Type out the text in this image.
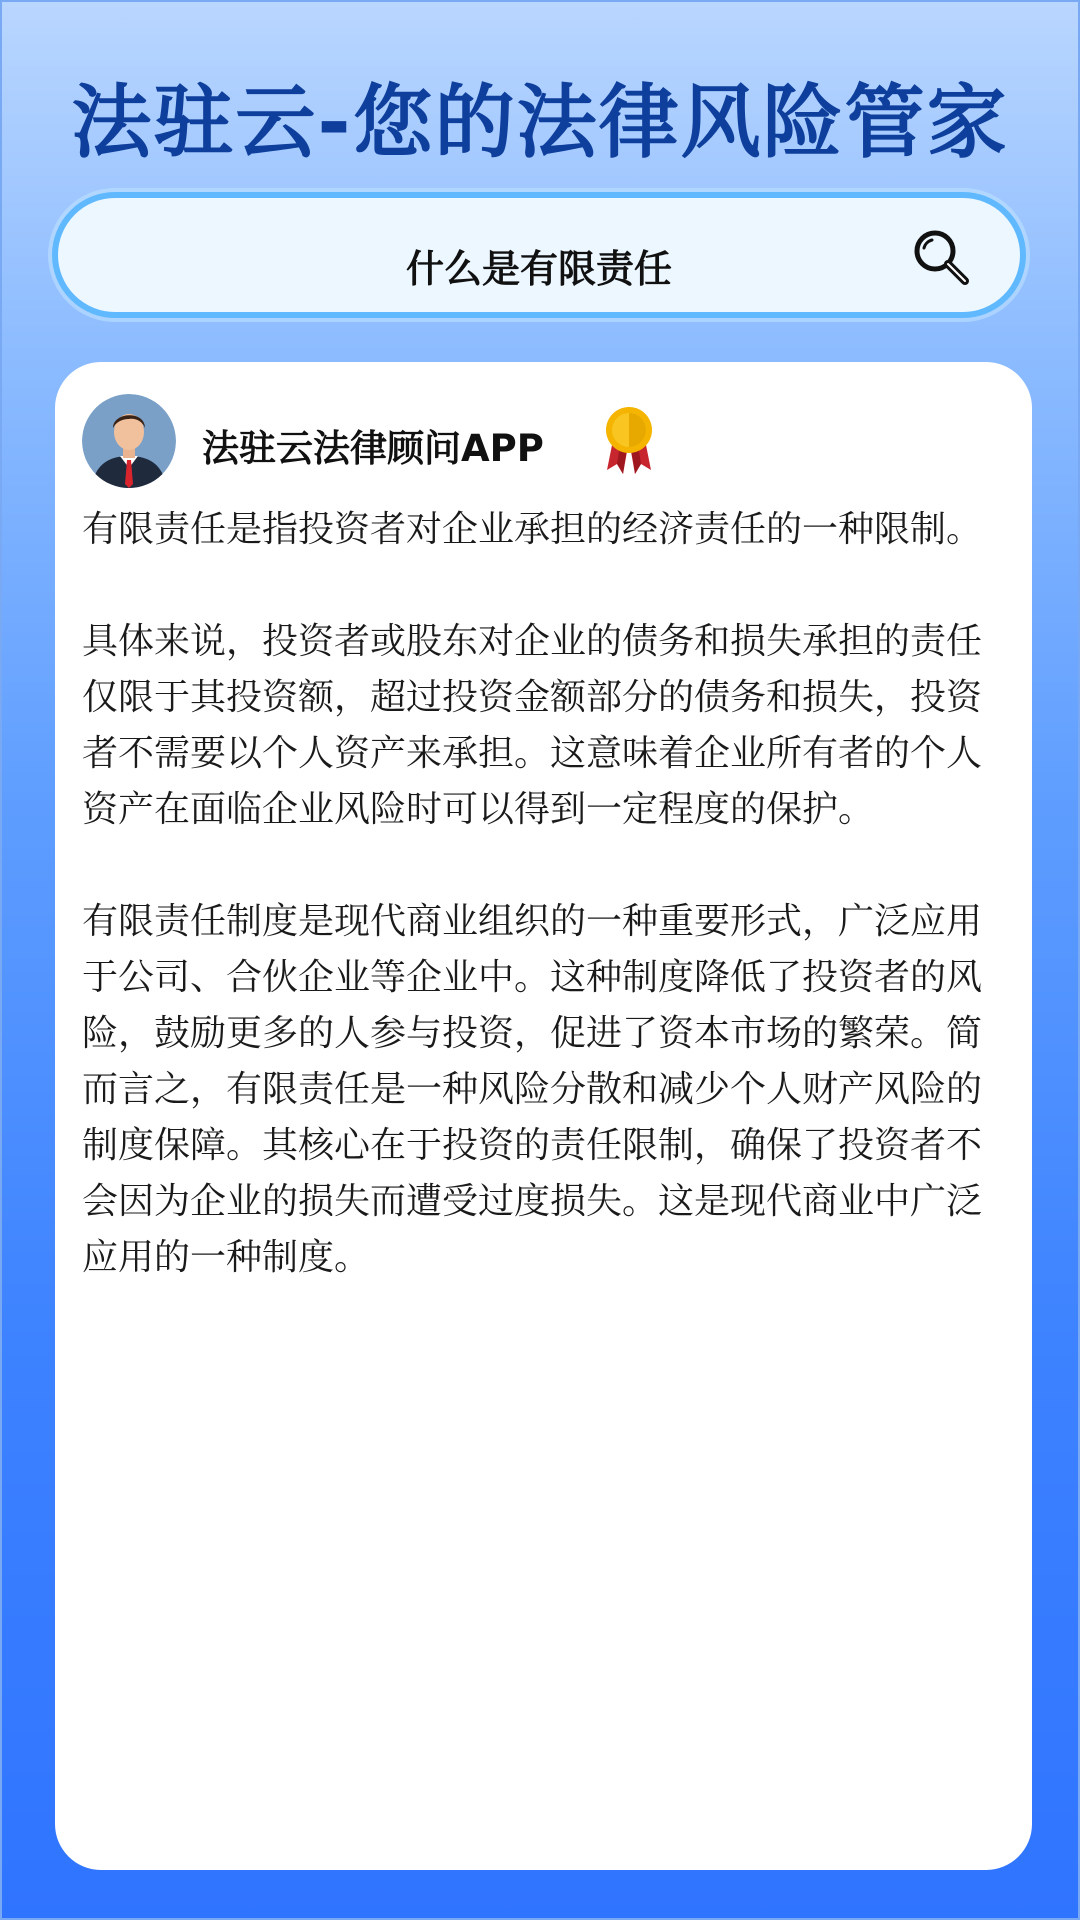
法驻云-您的法律风险管家
什么是有限责任
法驻云法律顾问APP

有限责任是指投资者对企业承担的经济责任的一种限制。

具体来说，投资者或股东对企业的债务和损失承担的责任仅限于其投资额，超过投资金额部分的债务和损失，投资者不需要以个人资产来承担。这意味着企业所有者的个人资产在面临企业风险时可以得到一定程度的保护。

有限责任制度是现代商业组织的一种重要形式，广泛应用于公司、合伙企业等企业中。这种制度降低了投资者的风险，鼓励更多的人参与投资，促进了资本市场的繁荣。简而言之，有限责任是一种风险分散和减少个人财产风险的制度保障。其核心在于投资的责任限制，确保了投资者不会因为企业的损失而遭受过度损失。这是现代商业中广泛应用的一种制度。
